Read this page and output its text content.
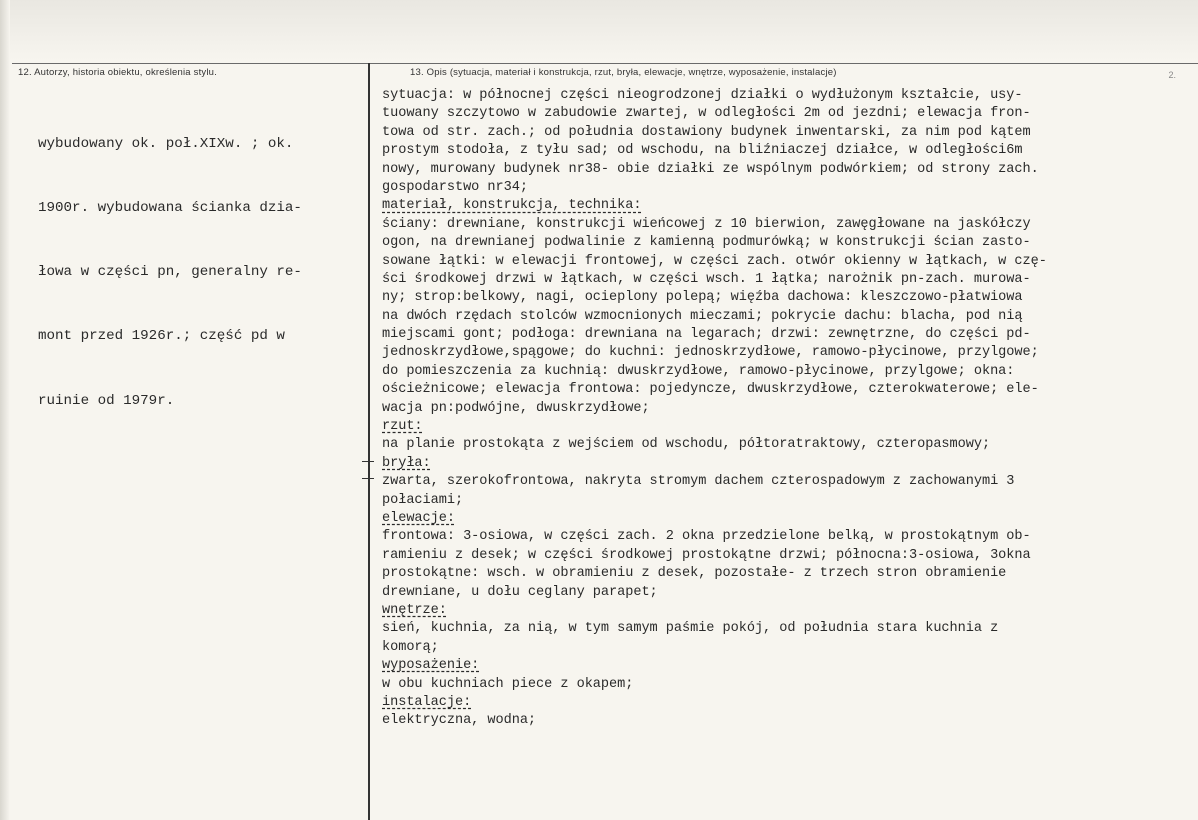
12. Autorzy, historia obiektu, określenia stylu.	13. Opis (sytuacja, materiał i konstrukcja, rzut, bryła, elewacje, wnętrze, wyposażenie, instalacje)	2.

wybudowany ok. poł.XIXw. ; ok.

1900r. wybudowana ścianka dzia-

łowa w części pn, generalny re-

mont przed 1926r.; część pd w

ruinie od 1979r.

sytuacja: w północnej części nieogrodzonej działki o wydłużonym kształcie, usy-
tuowany szczytowo w zabudowie zwartej, w odległości 2m od jezdni; elewacja fron-
towa od str. zach.; od południa dostawiony budynek inwentarski, za nim pod kątem
prostym stodoła, z tyłu sad; od wschodu, na bliźniaczej działce, w odległości6m
nowy, murowany budynek nr38- obie działki ze wspólnym podwórkiem; od strony zach.
gospodarstwo nr34;
materiał, konstrukcja, technika:
ściany: drewniane, konstrukcji wieńcowej z 10 bierwion, zawęgłowane na jaskółczy
ogon, na drewnianej podwalinie z kamienną podmurówką; w konstrukcji ścian zasto-
sowane łątki: w elewacji frontowej, w części zach. otwór okienny w łątkach, w czę-
ści środkowej drzwi w łątkach, w części wsch. 1 łątka; narożnik pn-zach. murowa-
ny; strop:belkowy, nagi, ocieplony polepą; więźba dachowa: kleszczowo-płatwiowa
na dwóch rzędach stolców wzmocnionych mieczami; pokrycie dachu: blacha, pod nią
miejscami gont; podłoga: drewniana na legarach; drzwi: zewnętrzne, do części pd-
jednoskrzydłowe,spągowe; do kuchni: jednoskrzydłowe, ramowo-płycinowe, przylgowe;
do pomieszczenia za kuchnią: dwuskrzydłowe, ramowo-płycinowe, przylgowe; okna:
ościeżnicowe; elewacja frontowa: pojedyncze, dwuskrzydłowe, czterokwaterowe; ele-
wacja pn:podwójne, dwuskrzydłowe;
rzut:
na planie prostokąta z wejściem od wschodu, półtoratraktowy, czteropasmowy;
bryła:
zwarta, szerokofrontowa, nakryta stromym dachem czterospadowym z zachowanymi 3
połaciami;
elewacje:
frontowa: 3-osiowa, w części zach. 2 okna przedzielone belką, w prostokątnym ob-
ramieniu z desek; w części środkowej prostokątne drzwi; północna:3-osiowa, 3okna
prostokątne: wsch. w obramieniu z desek, pozostałe- z trzech stron obramienie
drewniane, u dołu ceglany parapet;
wnętrze:
sień, kuchnia, za nią, w tym samym paśmie pokój, od południa stara kuchnia z
komorą;
wyposażenie:
w obu kuchniach piece z okapem;
instalacje:
elektryczna, wodna;
